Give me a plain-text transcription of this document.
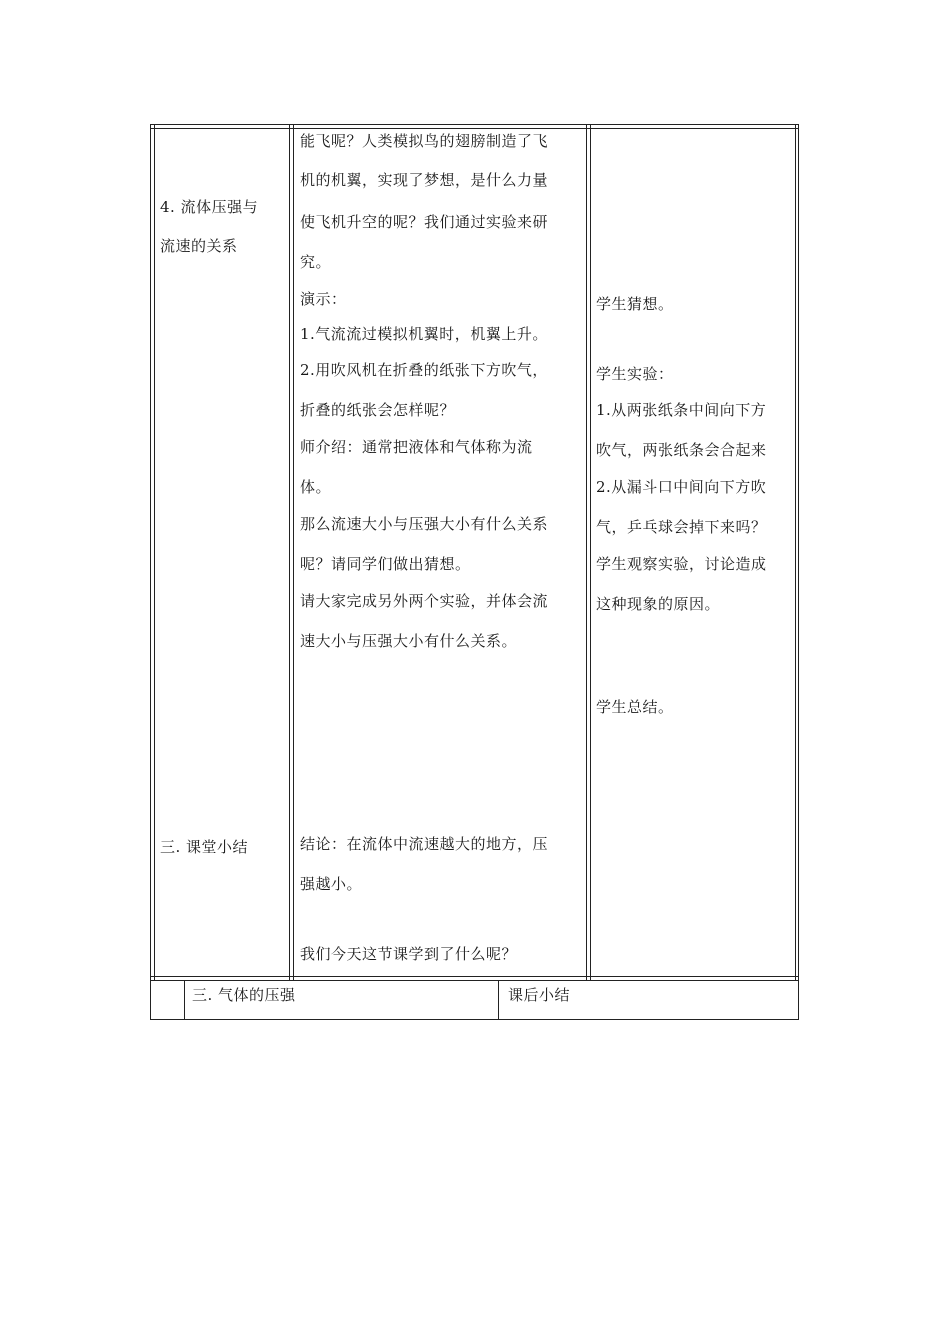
4. 流体压强与
流速的关系
三. 课堂小结
能飞呢？人类模拟鸟的翅膀制造了飞
机的机翼，实现了梦想，是什么力量
使飞机升空的呢？我们通过实验来研
究。
演示：
1.气流流过模拟机翼时，机翼上升。
2.用吹风机在折叠的纸张下方吹气，
折叠的纸张会怎样呢？
师介绍：通常把液体和气体称为流
体。
那么流速大小与压强大小有什么关系
呢？请同学们做出猜想。
请大家完成另外两个实验，并体会流
速大小与压强大小有什么关系。
结论：在流体中流速越大的地方，压
强越小。
我们今天这节课学到了什么呢？
学生猜想。
学生实验：
1.从两张纸条中间向下方
吹气，两张纸条会合起来
2.从漏斗口中间向下方吹
气，乒乓球会掉下来吗？
学生观察实验，讨论造成
这种现象的原因。
学生总结。
三. 气体的压强	课后小结
